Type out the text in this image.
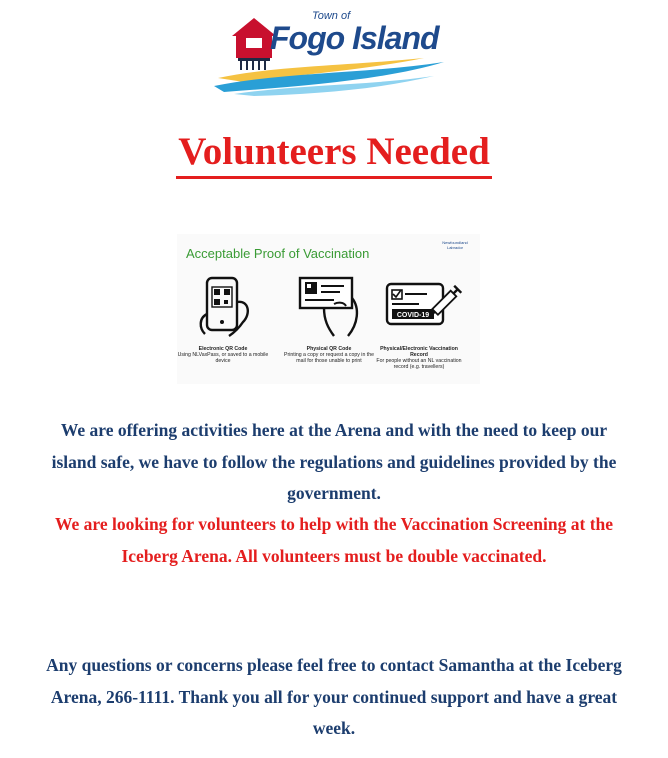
Town of
Fogo Island
Volunteers Needed
Acceptable Proof of Vaccination
Newfoundland Labrador
COVID-19
Electronic QR Code
Using NLVaxPass, or saved to a mobile device
Physical QR Code
Printing a copy or request a copy in the mail for those unable to print
Physical/Electronic Vaccination Record
For people without an NL vaccination record (e.g. travellers)

We are offering activities here at the Arena and with the need to keep our island safe, we have to follow the regulations and guidelines provided by the government.

We are looking for volunteers to help with the Vaccination Screening at the Iceberg Arena. All volunteers must be double vaccinated.

Any questions or concerns please feel free to contact Samantha at the Iceberg Arena, 266-1111. Thank you all for your continued support and have a great week.
